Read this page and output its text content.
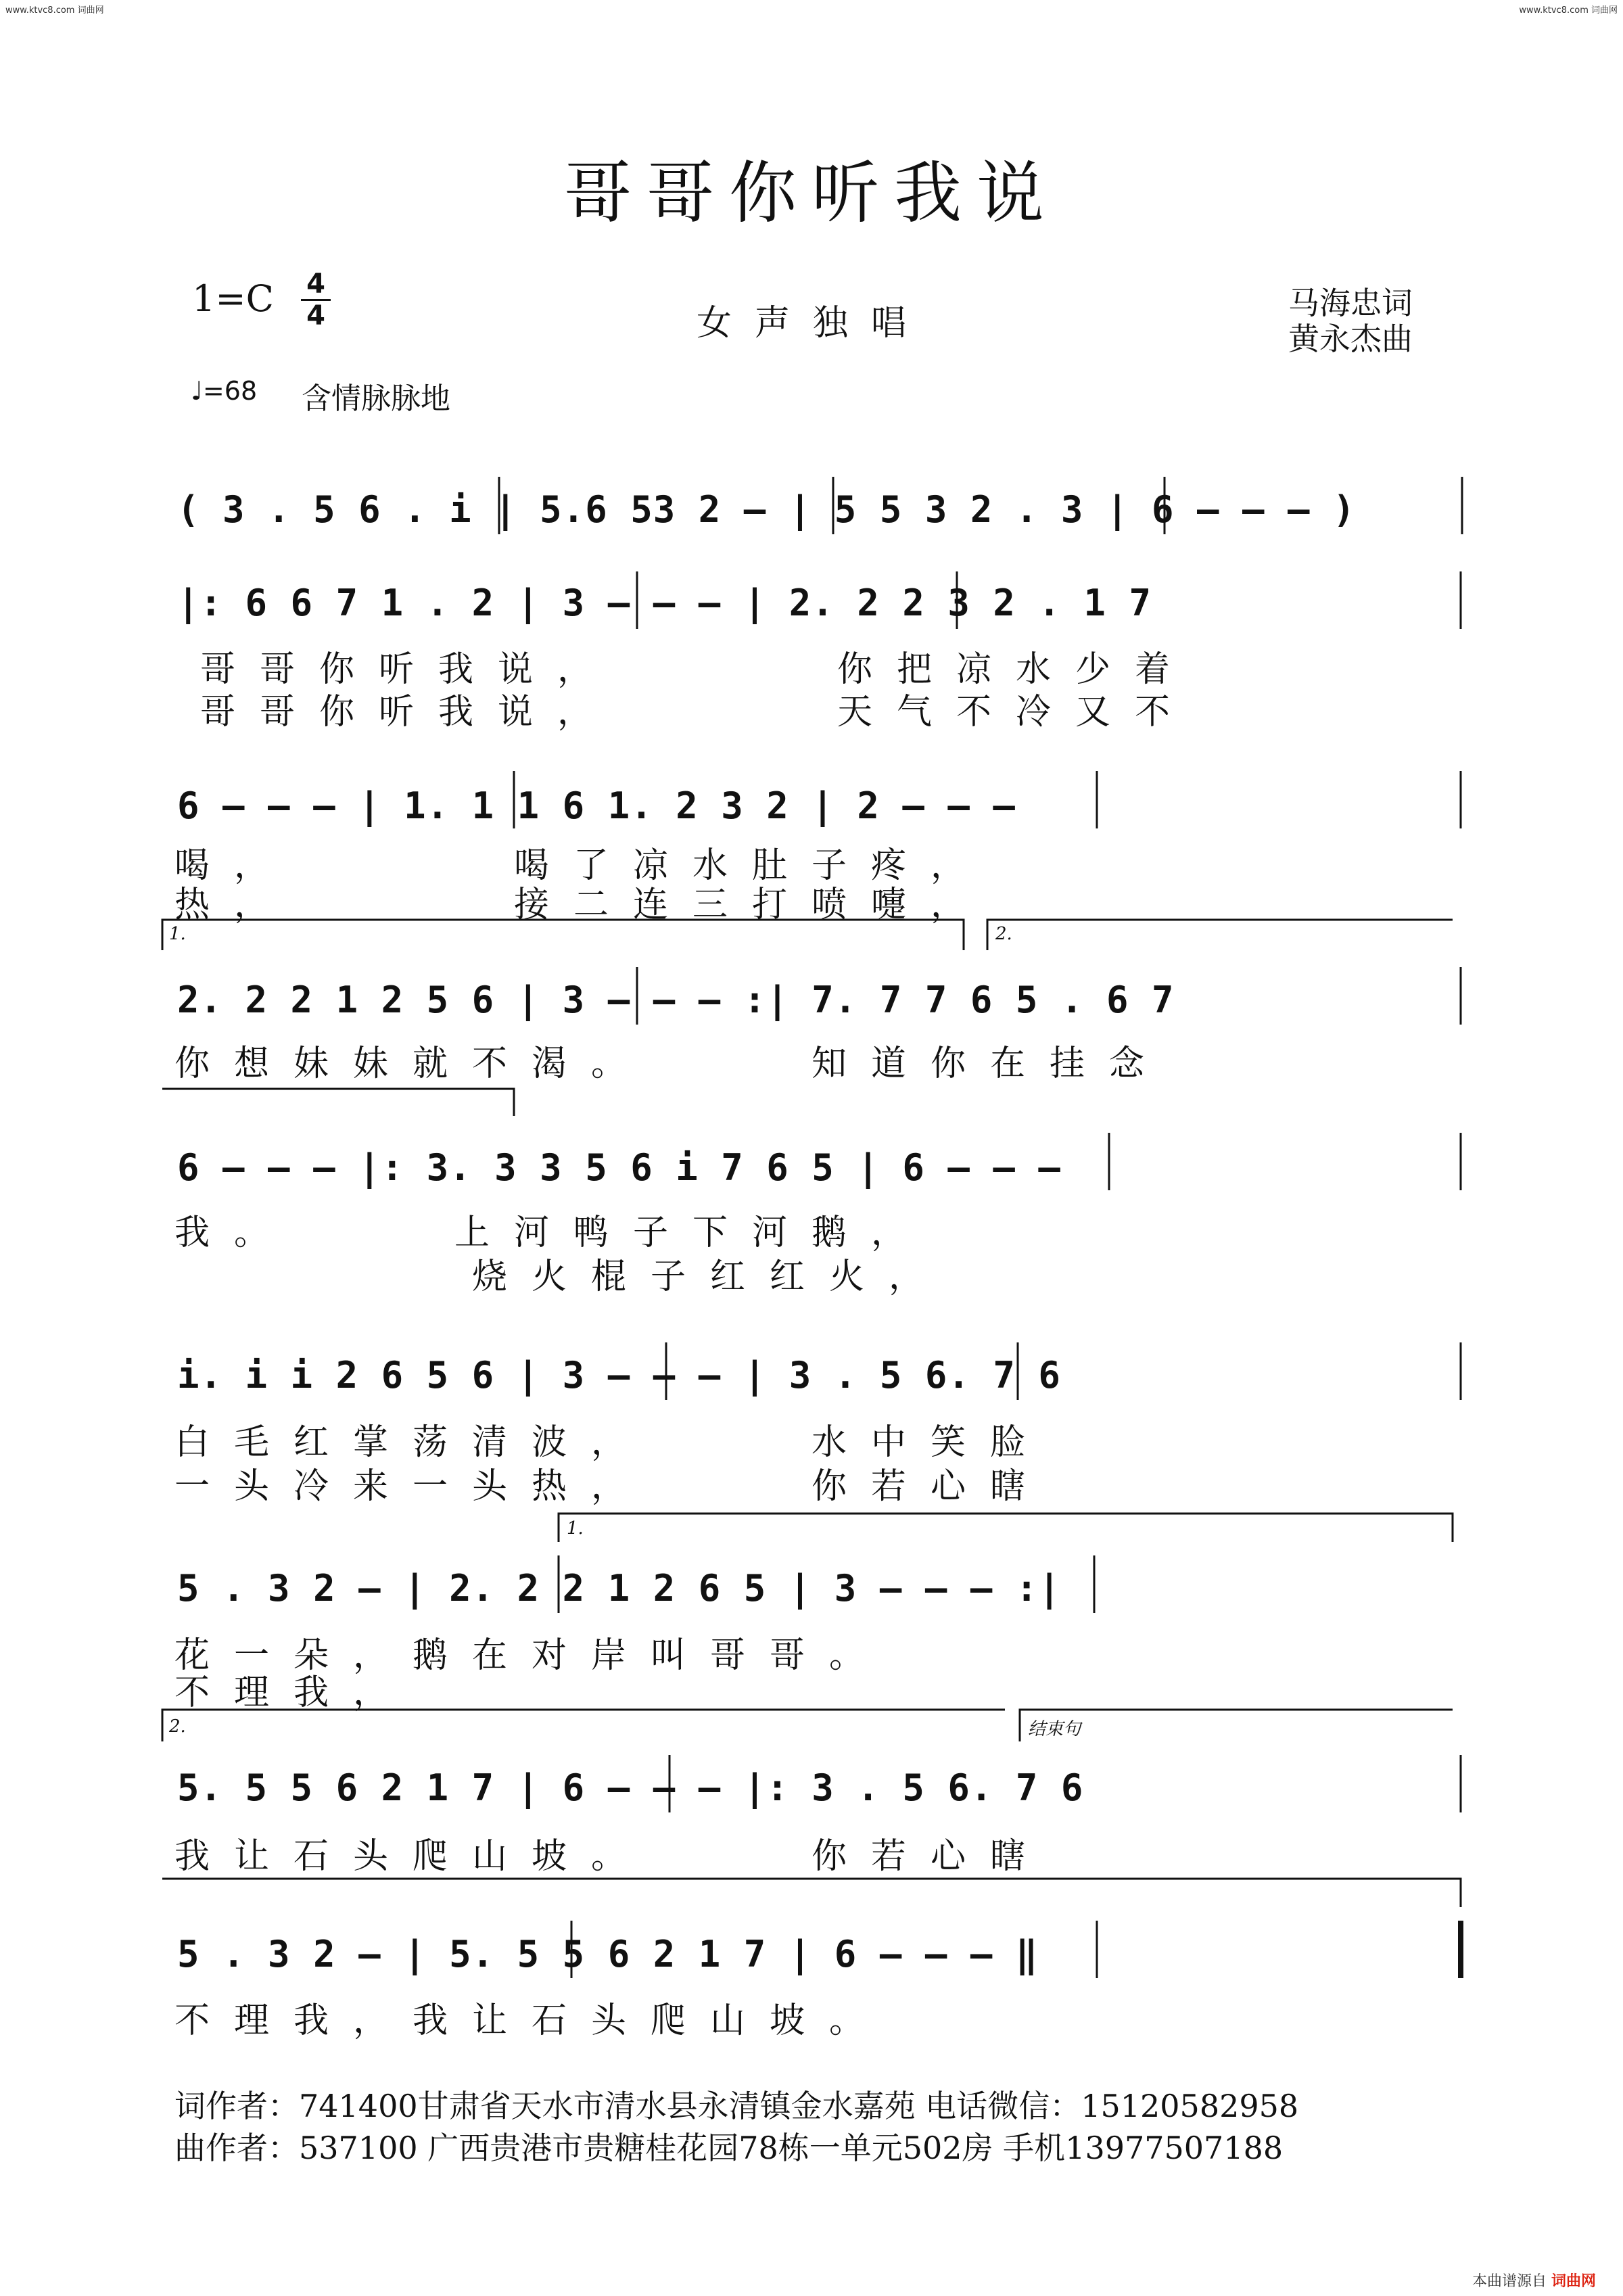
www.ktvc8.com 词曲网	www.ktvc8.com 词曲网
哥哥你听我说
1=C 4
4	女声独唱	马海忠词
黄永杰曲
♩=68 含情脉脉地
( 3 . 5 6 . i | 5.6 53 2 – | 5 5 3 2 . 3 | 6 – – – )
|: 6 6 7 1 . 2 | 3 – – – | 2. 2 2 3 2 . 1 7
哥哥你听我说，　　　　你把凉水少着
哥哥你听我说，　　　　天气不冷又不
6 – – – | 1. 1 1 6 1. 2 3 2 | 2 – – –
喝，　　　　喝了凉水肚子疼，
热，　　　　接二连三打喷嚏，
1.	2.
2. 2 2 1 2 5 6 | 3 – – – :| 7. 7 7 6 5 . 6 7
你想妹妹就不渴。　　　知道你在挂念
6 – – – |: 3. 3 3 5 6 i 7 6 5 | 6 – – –
我。　　　上河鸭子下河鹅，
　　　　　烧火棍子红红火，
i. i i 2 6 5 6 | 3 – – – | 3 . 5 6. 7 6
白毛红掌荡清波，　　　水中笑脸
一头冷来一头热，　　　你若心瞎
1.
5 . 3 2 – | 2. 2 2 1 2 6 5 | 3 – – – :|
花一朵，鹅在对岸叫哥哥。
不理我，
2.	结束句
5. 5 5 6 2 1 7 | 6 – – – |: 3 . 5 6. 7 6
我让石头爬山坡。　　　你若心瞎
5 . 3 2 – | 5. 5 5 6 2 1 7 | 6 – – – ‖
不理我，我让石头爬山坡。
词作者：741400甘肃省天水市清水县永清镇金水嘉苑 电话微信：15120582958
曲作者：537100 广西贵港市贵糖桂花园78栋一单元502房 手机13977507188
本曲谱源自 词曲网
